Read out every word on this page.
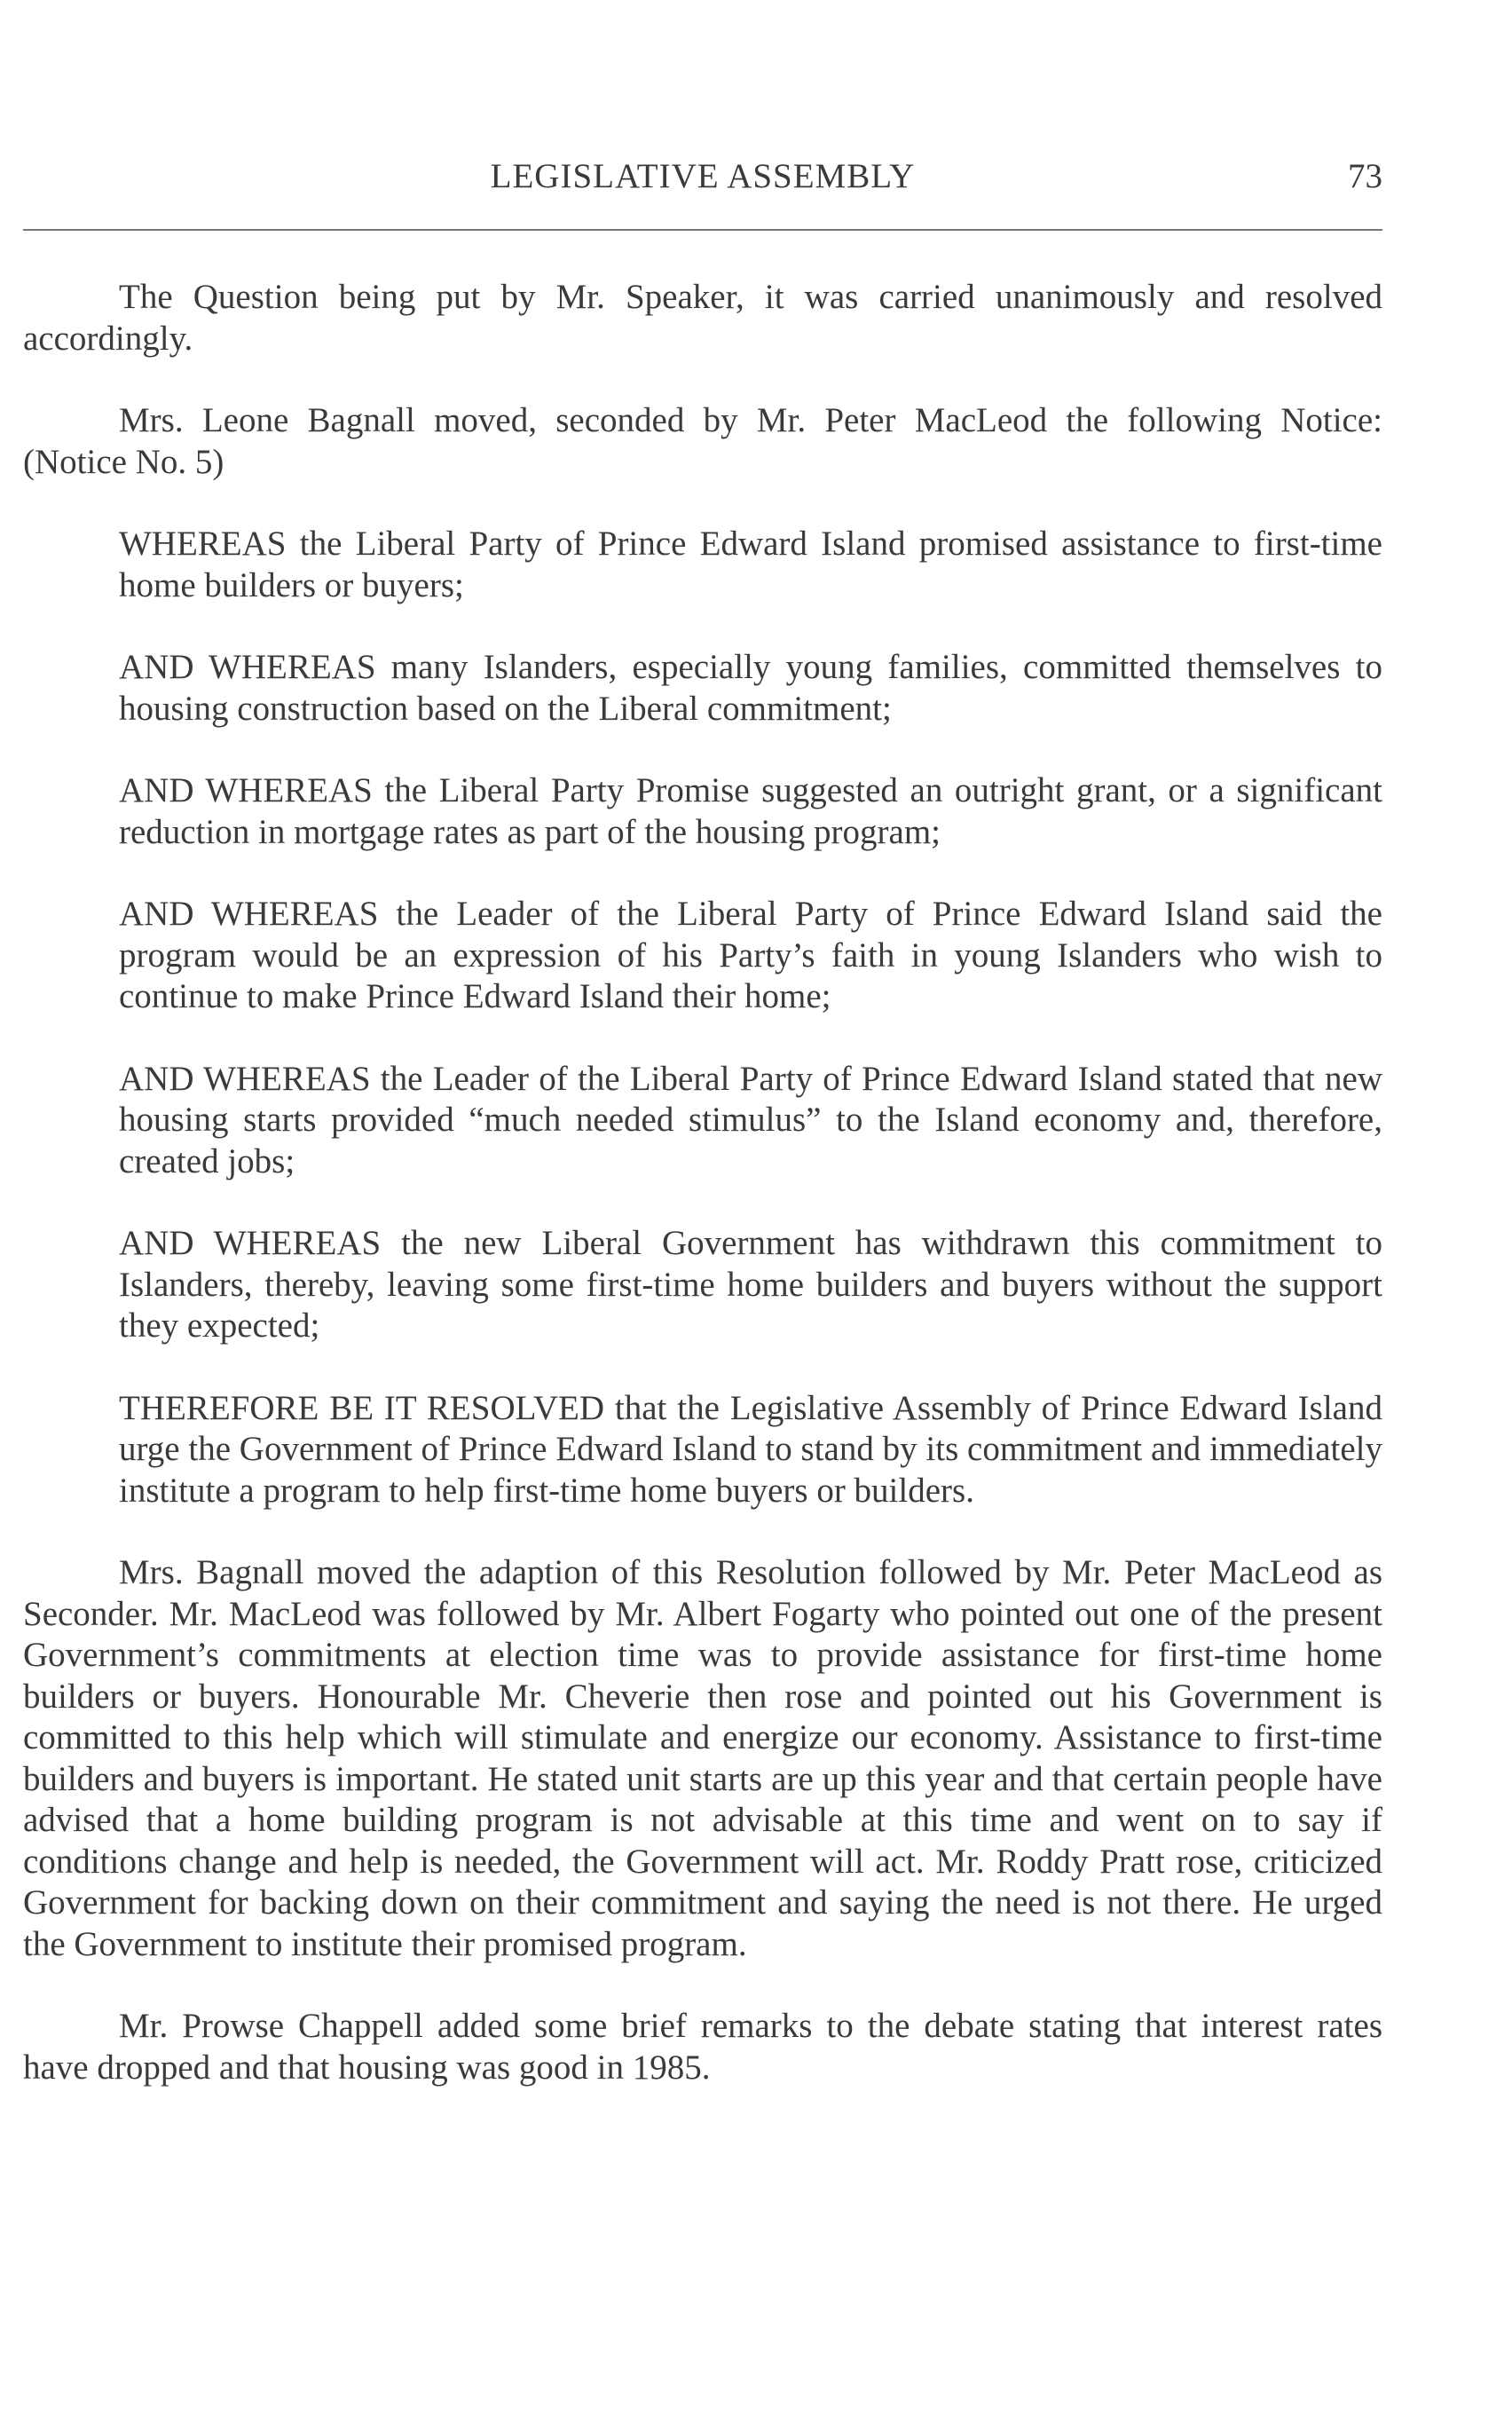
LEGISLATIVE ASSEMBLY	73

The Question being put by Mr. Speaker, it was carried unanimously and resolved accordingly.

Mrs. Leone Bagnall moved, seconded by Mr. Peter MacLeod the following Notice: (Notice No. 5)

WHEREAS the Liberal Party of Prince Edward Island promised assistance to first-time home builders or buyers;

AND WHEREAS many Islanders, especially young families, committed themselves to housing construction based on the Liberal commitment;

AND WHEREAS the Liberal Party Promise suggested an outright grant, or a significant reduction in mortgage rates as part of the housing program;

AND WHEREAS the Leader of the Liberal Party of Prince Edward Island said the program would be an expression of his Party’s faith in young Islanders who wish to continue to make Prince Edward Island their home;

AND WHEREAS the Leader of the Liberal Party of Prince Edward Island stated that new housing starts provided “much needed stimulus” to the Island economy and, therefore, created jobs;

AND WHEREAS the new Liberal Government has withdrawn this commitment to Islanders, thereby, leaving some first-time home builders and buyers without the support they expected;

THEREFORE BE IT RESOLVED that the Legislative Assembly of Prince Edward Island urge the Government of Prince Edward Island to stand by its commitment and immediately institute a program to help first-time home buyers or builders.

Mrs. Bagnall moved the adaption of this Resolution followed by Mr. Peter MacLeod as Seconder. Mr. MacLeod was followed by Mr. Albert Fogarty who pointed out one of the present Government’s commitments at election time was to provide assistance for first-time home builders or buyers. Honourable Mr. Cheverie then rose and pointed out his Government is committed to this help which will stimulate and energize our economy. Assistance to first-time builders and buyers is important. He stated unit starts are up this year and that certain people have advised that a home building program is not advisable at this time and went on to say if conditions change and help is needed, the Government will act. Mr. Roddy Pratt rose, criticized Government for backing down on their commitment and saying the need is not there. He urged the Government to institute their promised program.

Mr. Prowse Chappell added some brief remarks to the debate stating that interest rates have dropped and that housing was good in 1985.
